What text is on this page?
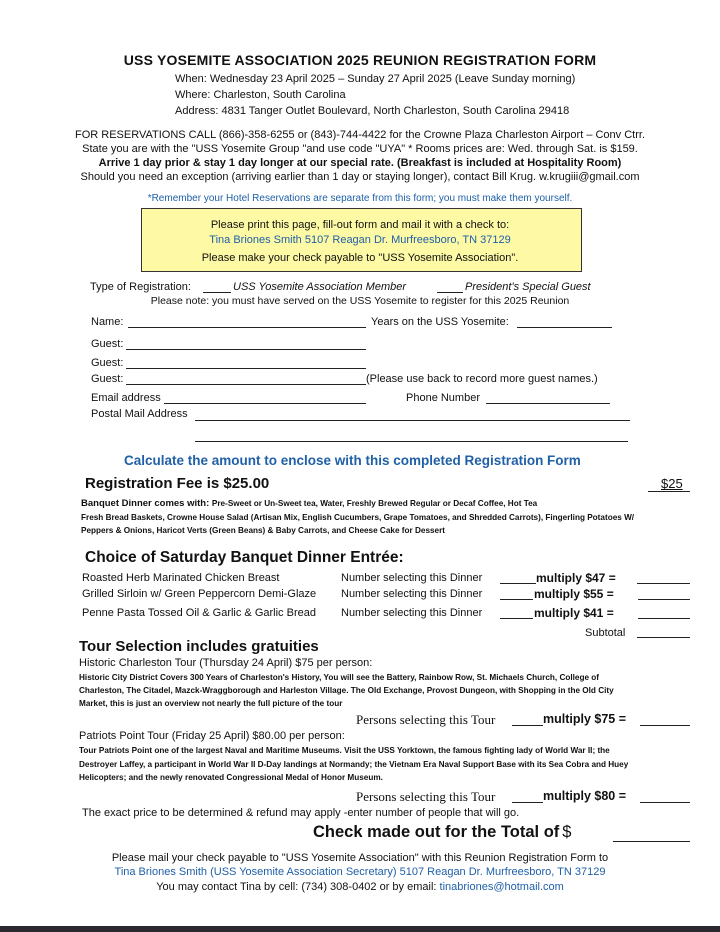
USS YOSEMITE ASSOCIATION 2025 REUNION REGISTRATION FORM
When: Wednesday 23 April 2025 – Sunday 27 April 2025 (Leave Sunday morning)
Where: Charleston, South Carolina
Address: 4831 Tanger Outlet Boulevard, North Charleston, South Carolina 29418
FOR RESERVATIONS CALL (866)-358-6255 or (843)-744-4422 for the Crowne Plaza Charleston Airport – Conv Ctrr.
State you are with the "USS Yosemite Group "and use code "UYA" * Rooms prices are: Wed. through Sat. is $159.
Arrive 1 day prior & stay 1 day longer at our special rate. (Breakfast is included at Hospitality Room)
Should you need an exception (arriving earlier than 1 day or staying longer), contact Bill Krug. w.krugiii@gmail.com
*Remember your Hotel Reservations are separate from this form; you must make them yourself.
Please print this page, fill-out form and mail it with a check to:
Tina Briones Smith 5107 Reagan Dr. Murfreesboro, TN 37129
Please make your check payable to "USS Yosemite Association".
Type of Registration:	USS Yosemite Association Member	President's Special Guest
Please note: you must have served on the USS Yosemite to register for this 2025 Reunion
Name:	Years on the USS Yosemite:
Guest:
Guest:
Guest:	(Please use back to record more guest names.)
Email address	Phone Number
Postal Mail Address
Calculate the amount to enclose with this completed Registration Form
Registration Fee is $25.00	$25
Banquet Dinner comes with: Pre-Sweet or Un-Sweet tea, Water, Freshly Brewed Regular or Decaf Coffee, Hot Tea
Fresh Bread Baskets, Crowne House Salad (Artisan Mix, English Cucumbers, Grape Tomatoes, and Shredded Carrots), Fingerling Potatoes W/
Peppers & Onions, Haricot Verts (Green Beans) & Baby Carrots, and Cheese Cake for Dessert
Choice of Saturday Banquet Dinner Entrée:
Roasted Herb Marinated Chicken Breast	Number selecting this Dinner	multiply $47 =
Grilled Sirloin w/ Green Peppercorn Demi-Glaze Number selecting this Dinner	multiply $55 =
Penne Pasta Tossed Oil & Garlic & Garlic Bread Number selecting this Dinner	multiply $41 =
Subtotal
Tour Selection includes gratuities
Historic Charleston Tour (Thursday 24 April) $75 per person:
Historic City District Covers 300 Years of Charleston's History, You will see the Battery, Rainbow Row, St. Michaels Church, College of
Charleston, The Citadel, Mazck-Wraggborough and Harleston Village. The Old Exchange, Provost Dungeon, with Shopping in the Old City
Market, this is just an overview not nearly the full picture of the tour
Persons selecting this Tour	multiply $75 =
Patriots Point Tour (Friday 25 April) $80.00 per person:
Tour Patriots Point one of the largest Naval and Maritime Museums. Visit the USS Yorktown, the famous fighting lady of World War II; the
Destroyer Laffey, a participant in World War II D-Day landings at Normandy; the Vietnam Era Naval Support Base with its Sea Cobra and Huey
Helicopters; and the newly renovated Congressional Medal of Honor Museum.
Persons selecting this Tour	multiply $80 =
The exact price to be determined & refund may apply -enter number of people that will go.
Check made out for the Total of $
Please mail your check payable to "USS Yosemite Association" with this Reunion Registration Form to
Tina Briones Smith (USS Yosemite Association Secretary) 5107 Reagan Dr. Murfreesboro, TN 37129
You may contact Tina by cell: (734) 308-0402 or by email: tinabriones@hotmail.com
